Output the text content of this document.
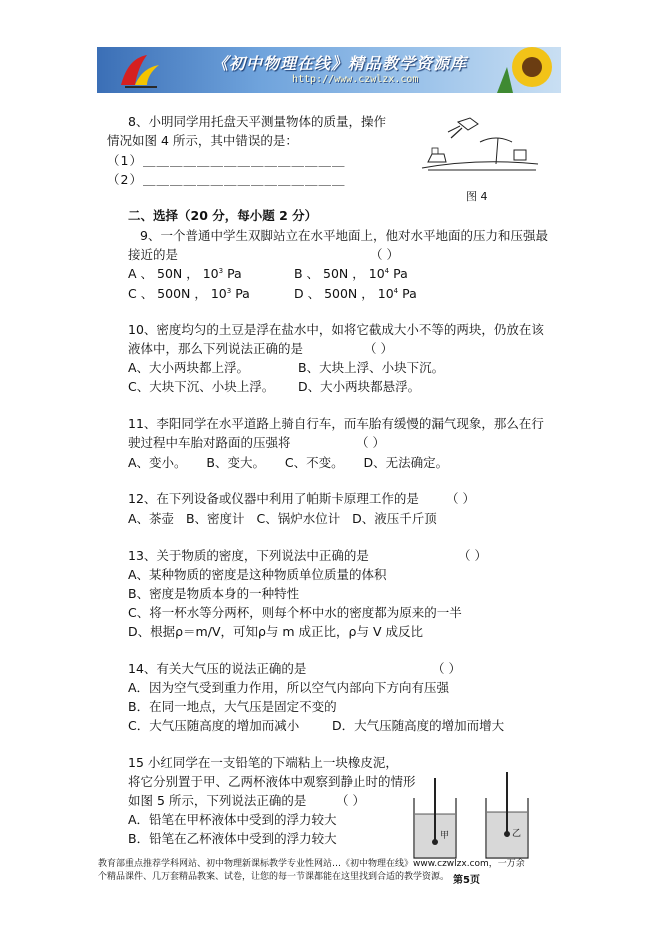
《初中物理在线》精品教学资源库
http://www.czwlzx.com
8、小明同学用托盘天平测量物体的质量，操作
情况如图 4 所示，其中错误的是：
（1）＿＿＿＿＿＿＿＿＿＿＿＿＿＿＿
（2）＿＿＿＿＿＿＿＿＿＿＿＿＿＿＿
图 4
二、选择（20 分，每小题 2 分）
9、一个普通中学生双脚站立在水平地面上，他对水平地面的压力和压强最
接近的是	（ ）
A 、 50N ， $10^3$ Pa	B 、 50N ， $10^4$ Pa
C 、 500N ， $10^3$ Pa	D 、 500N ， $10^4$ Pa
10、密度均匀的土豆是浮在盐水中，如将它截成大小不等的两块，仍放在该
液体中，那么下列说法正确的是	（ ）
A、大小两块都上浮。	B、大块上浮、小块下沉。
C、大块下沉、小块上浮。 D、大小两块都悬浮。
11、李阳同学在水平道路上骑自行车，而车胎有缓慢的漏气现象，那么在行
驶过程中车胎对路面的压强将	（ ）
A、变小。     B、变大。     C、不变。     D、无法确定。
12、在下列设备或仪器中利用了帕斯卡原理工作的是 （ ）
A、茶壶   B、密度计   C、锅炉水位计   D、液压千斤顶
13、关于物质的密度，下列说法中正确的是	（ ）
A、某种物质的密度是这种物质单位质量的体积
B、密度是物质本身的一种特性
C、将一杯水等分两杯，则每个杯中水的密度都为原来的一半
D、根据ρ＝m/V，可知ρ与 m 成正比，ρ与 V 成反比
14、有关大气压的说法正确的是	（ ）
A．因为空气受到重力作用，所以空气内部向下方向有压强
B．在同一地点，大气压是固定不变的
C．大气压随高度的增加而减小	D．大气压随高度的增加而增大
15 小红同学在一支铅笔的下端粘上一块橡皮泥，
将它分别置于甲、乙两杯液体中观察到静止时的情形
如图 5 所示，下列说法正确的是 （ ）
A．铅笔在甲杯液体中受到的浮力较大
B．铅笔在乙杯液体中受到的浮力较大	甲	乙
教育部重点推荐学科网站、初中物理新课标教学专业性网站…《初中物理在线》www.czwlzx.com，一万余
个精品课件、几万套精品教案、试卷，让您的每一节课都能在这里找到合适的教学资源。 第5页
